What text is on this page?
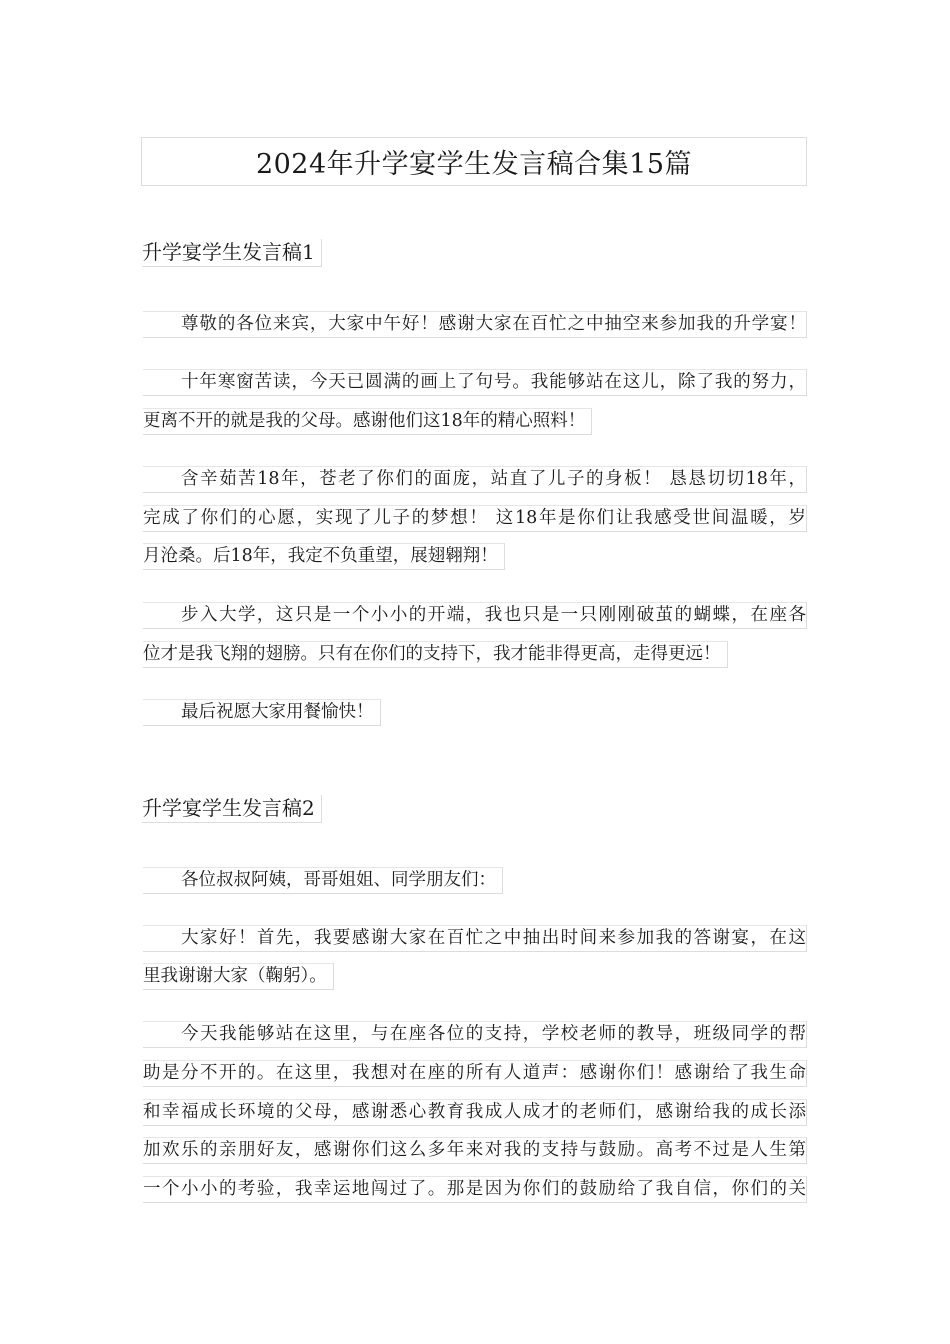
2024年升学宴学生发言稿合集15篇
升学宴学生发言稿1
尊敬的各位来宾，大家中午好！感谢大家在百忙之中抽空来参加我的升学宴！
十年寒窗苦读，今天已圆满的画上了句号。我能够站在这儿，除了我的努力，
更离不开的就是我的父母。感谢他们这18年的精心照料！
含辛茹苦18年，苍老了你们的面庞，站直了儿子的身板！ 恳恳切切18年，
完成了你们的心愿，实现了儿子的梦想！ 这18年是你们让我感受世间温暖，岁
月沧桑。后18年，我定不负重望，展翅翱翔！
步入大学，这只是一个小小的开端，我也只是一只刚刚破茧的蝴蝶，在座各
位才是我飞翔的翅膀。只有在你们的支持下，我才能非得更高，走得更远！
最后祝愿大家用餐愉快！
升学宴学生发言稿2
各位叔叔阿姨，哥哥姐姐、同学朋友们：
大家好！首先，我要感谢大家在百忙之中抽出时间来参加我的答谢宴，在这
里我谢谢大家（鞠躬）。
今天我能够站在这里，与在座各位的支持，学校老师的教导，班级同学的帮
助是分不开的。在这里，我想对在座的所有人道声：感谢你们！感谢给了我生命
和幸福成长环境的父母，感谢悉心教育我成人成才的老师们，感谢给我的成长添
加欢乐的亲朋好友，感谢你们这么多年来对我的支持与鼓励。高考不过是人生第
一个小小的考验，我幸运地闯过了。那是因为你们的鼓励给了我自信，你们的关
